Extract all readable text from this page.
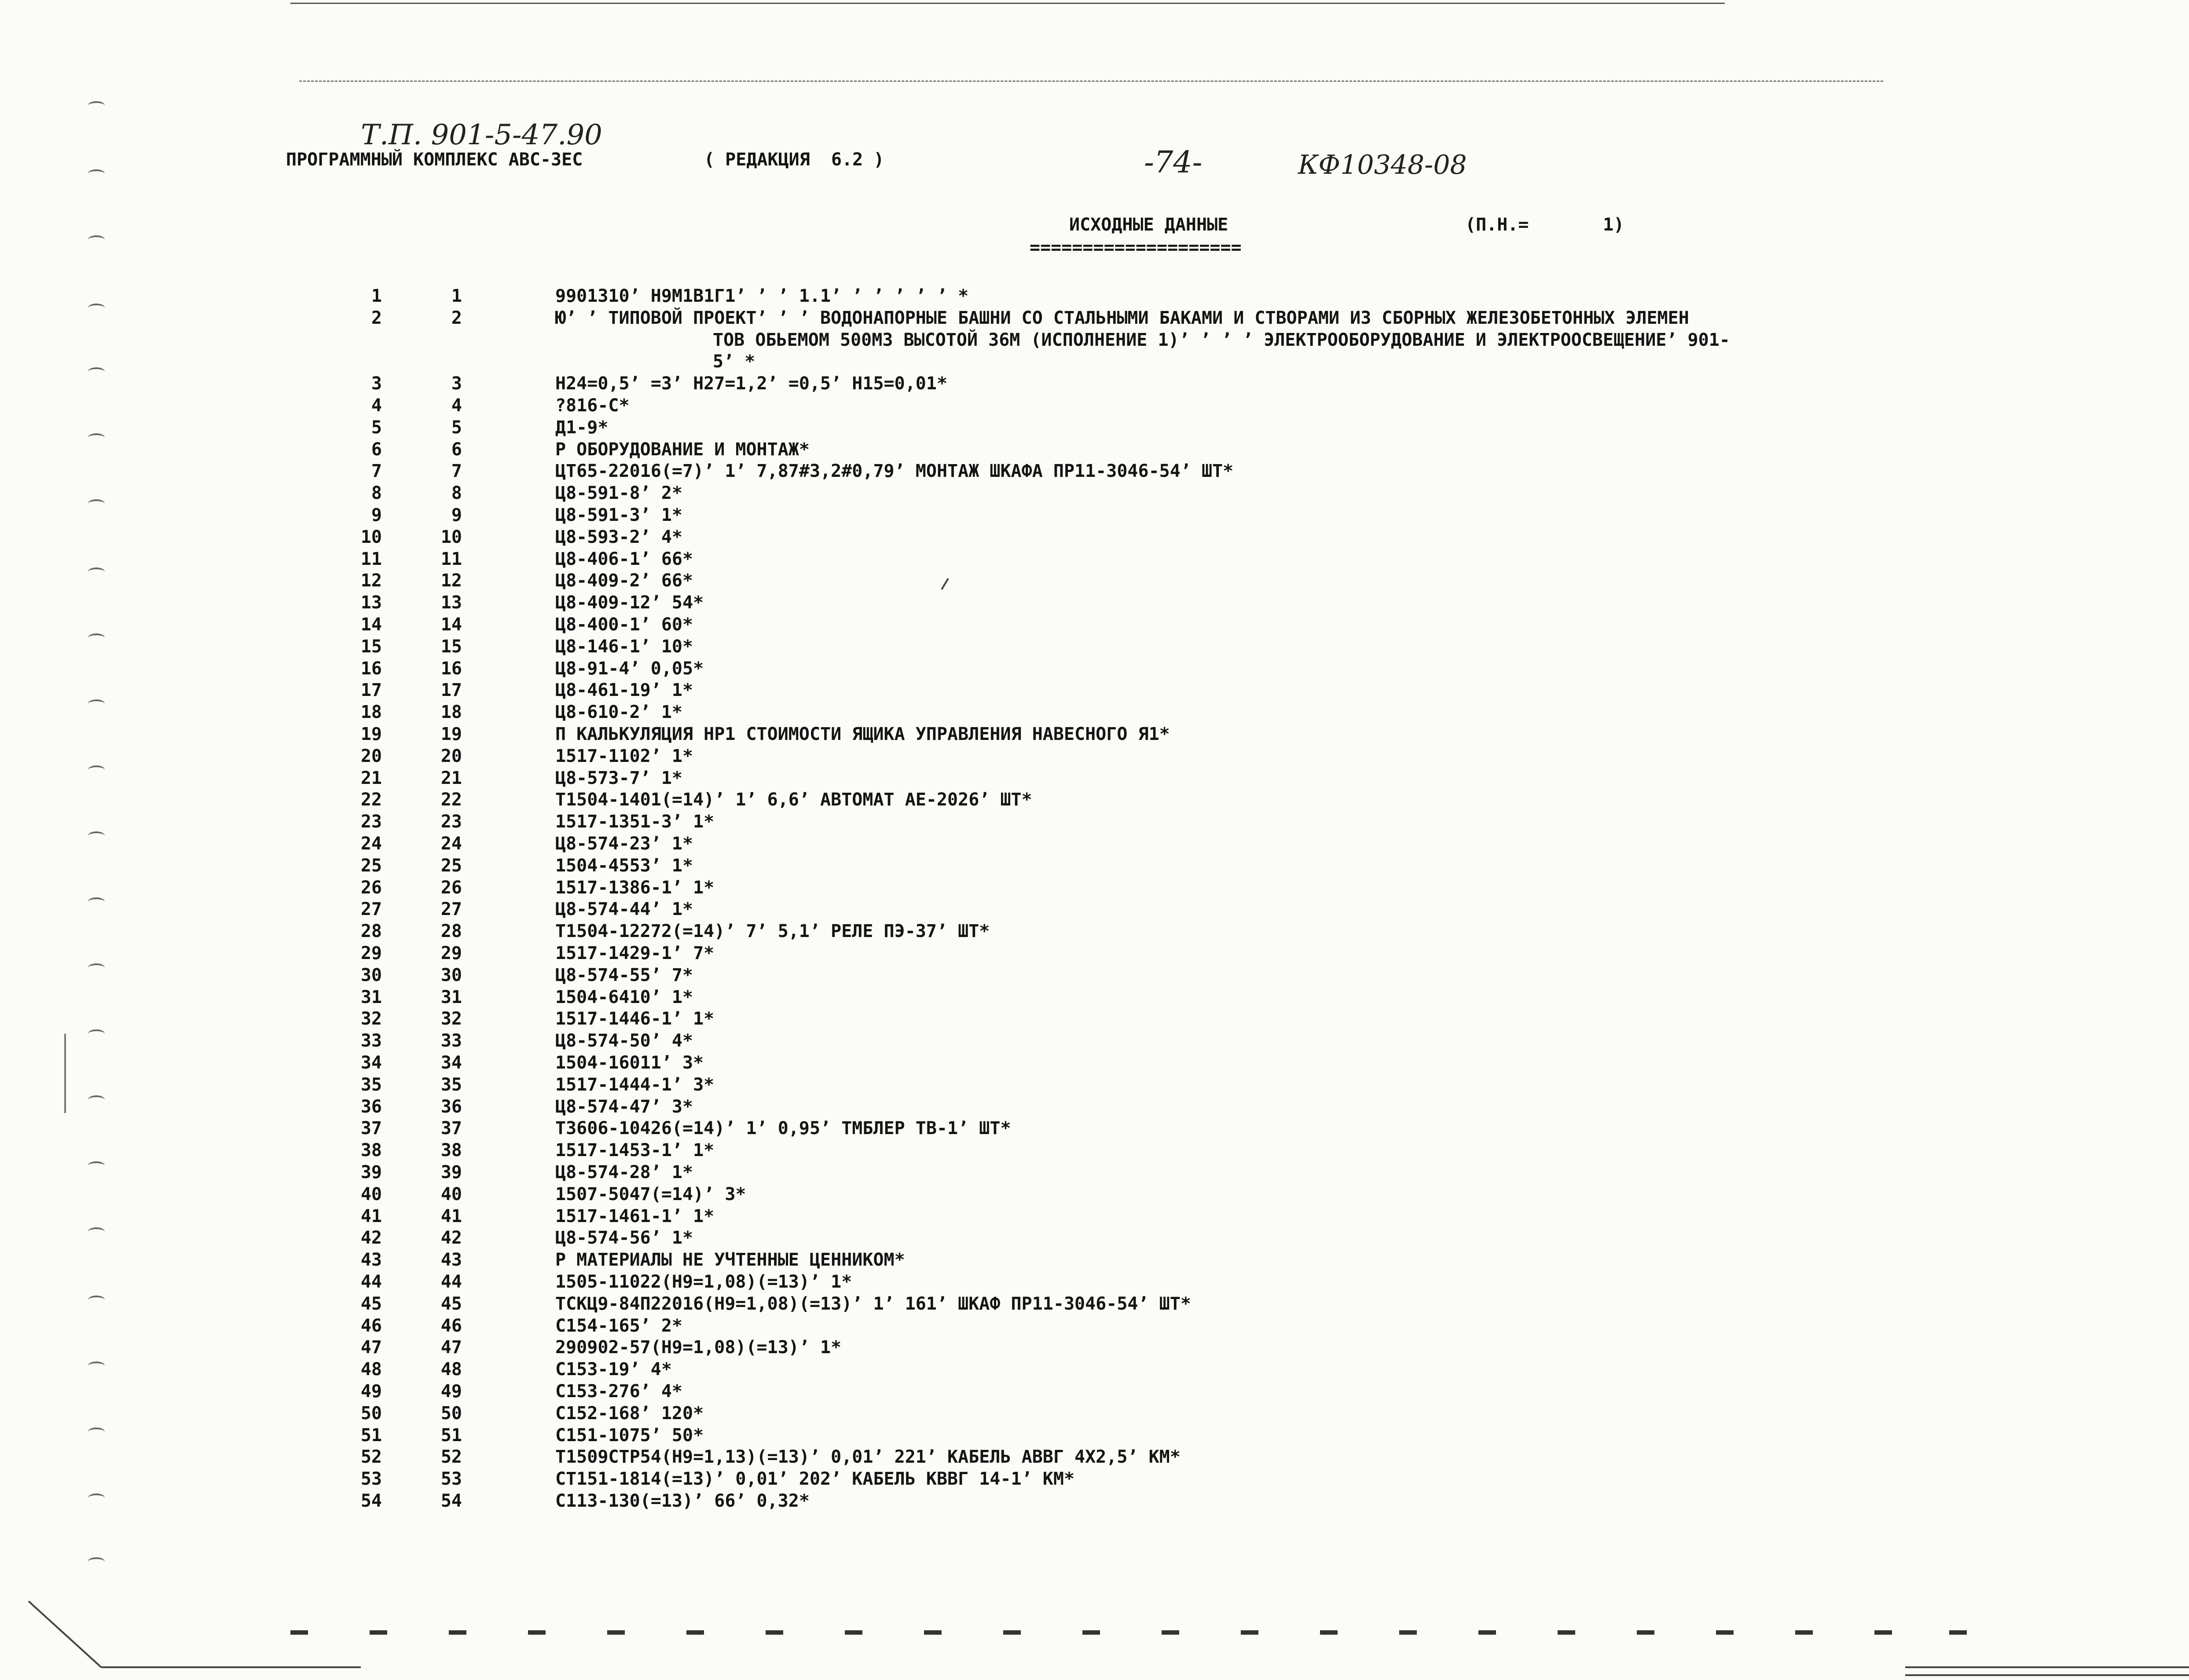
Т.П. 901-5-47.90
ПРОГРАММНЫЙ КОМПЛЕКС АВС-3ЕС	( РЕДАКЦИЯ  6.2 )	-74-	КФ10348-08
ИСХОДНЫЕ ДАННЫЕ
====================
(П.Н.=       1)
1	1	9901310’ Н9М1В1Г1’ ’ ’ 1.1’ ’ ’ ’ ’ ’ *
2	2	Ю’ ’ ТИПОВОЙ ПРОЕКТ’ ’ ’ ВОДОНАПОРНЫЕ БАШНИ СО СТАЛЬНЫМИ БАКАМИ И СТВОРАМИ ИЗ СБОРНЫХ ЖЕЛЕЗОБЕТОННЫХ ЭЛЕМЕН
ТОВ ОБЬЕМОМ 500М3 ВЫСОТОЙ 36М (ИСПОЛНЕНИЕ 1)’ ’ ’ ’ ЭЛЕКТРООБОРУДОВАНИЕ И ЭЛЕКТРООСВЕЩЕНИЕ’ 901-
5’ *
3	3	Н24=0,5’ =3’ Н27=1,2’ =0,5’ Н15=0,01*
4	4	?816-С*
5	5	Д1-9*
6	6	Р ОБОРУДОВАНИЕ И МОНТАЖ*
7	7	ЦТ65-22016(=7)’ 1’ 7,87#3,2#0,79’ МОНТАЖ ШКАФА ПР11-3046-54’ ШТ*
8	8	Ц8-591-8’ 2*
9	9	Ц8-591-3’ 1*
10	10	Ц8-593-2’ 4*
11	11	Ц8-406-1’ 66*
12	12	Ц8-409-2’ 66*
13	13	Ц8-409-12’ 54*
14	14	Ц8-400-1’ 60*
15	15	Ц8-146-1’ 10*
16	16	Ц8-91-4’ 0,05*
17	17	Ц8-461-19’ 1*
18	18	Ц8-610-2’ 1*
19	19	П КАЛЬКУЛЯЦИЯ НР1 СТОИМОСТИ ЯЩИКА УПРАВЛЕНИЯ НАВЕСНОГО Я1*
20	20	1517-1102’ 1*
21	21	Ц8-573-7’ 1*
22	22	Т1504-1401(=14)’ 1’ 6,6’ АВТОМАТ АЕ-2026’ ШТ*
23	23	1517-1351-3’ 1*
24	24	Ц8-574-23’ 1*
25	25	1504-4553’ 1*
26	26	1517-1386-1’ 1*
27	27	Ц8-574-44’ 1*
28	28	Т1504-12272(=14)’ 7’ 5,1’ РЕЛЕ ПЭ-37’ ШТ*
29	29	1517-1429-1’ 7*
30	30	Ц8-574-55’ 7*
31	31	1504-6410’ 1*
32	32	1517-1446-1’ 1*
33	33	Ц8-574-50’ 4*
34	34	1504-16011’ 3*
35	35	1517-1444-1’ 3*
36	36	Ц8-574-47’ 3*
37	37	Т3606-10426(=14)’ 1’ 0,95’ ТМБЛЕР ТВ-1’ ШТ*
38	38	1517-1453-1’ 1*
39	39	Ц8-574-28’ 1*
40	40	1507-5047(=14)’ 3*
41	41	1517-1461-1’ 1*
42	42	Ц8-574-56’ 1*
43	43	Р МАТЕРИАЛЫ НЕ УЧТЕННЫЕ ЦЕННИКОМ*
44	44	1505-11022(Н9=1,08)(=13)’ 1*
45	45	ТСКЦ9-84П22016(Н9=1,08)(=13)’ 1’ 161’ ШКАФ ПР11-3046-54’ ШТ*
46	46	С154-165’ 2*
47	47	290902-57(Н9=1,08)(=13)’ 1*
48	48	С153-19’ 4*
49	49	С153-276’ 4*
50	50	С152-168’ 120*
51	51	С151-1075’ 50*
52	52	Т1509СТР54(Н9=1,13)(=13)’ 0,01’ 221’ КАБЕЛЬ АВВГ 4Х2,5’ КМ*
53	53	СТ151-1814(=13)’ 0,01’ 202’ КАБЕЛЬ КВВГ 14-1’ КМ*
54	54	С113-130(=13)’ 66’ 0,32*
